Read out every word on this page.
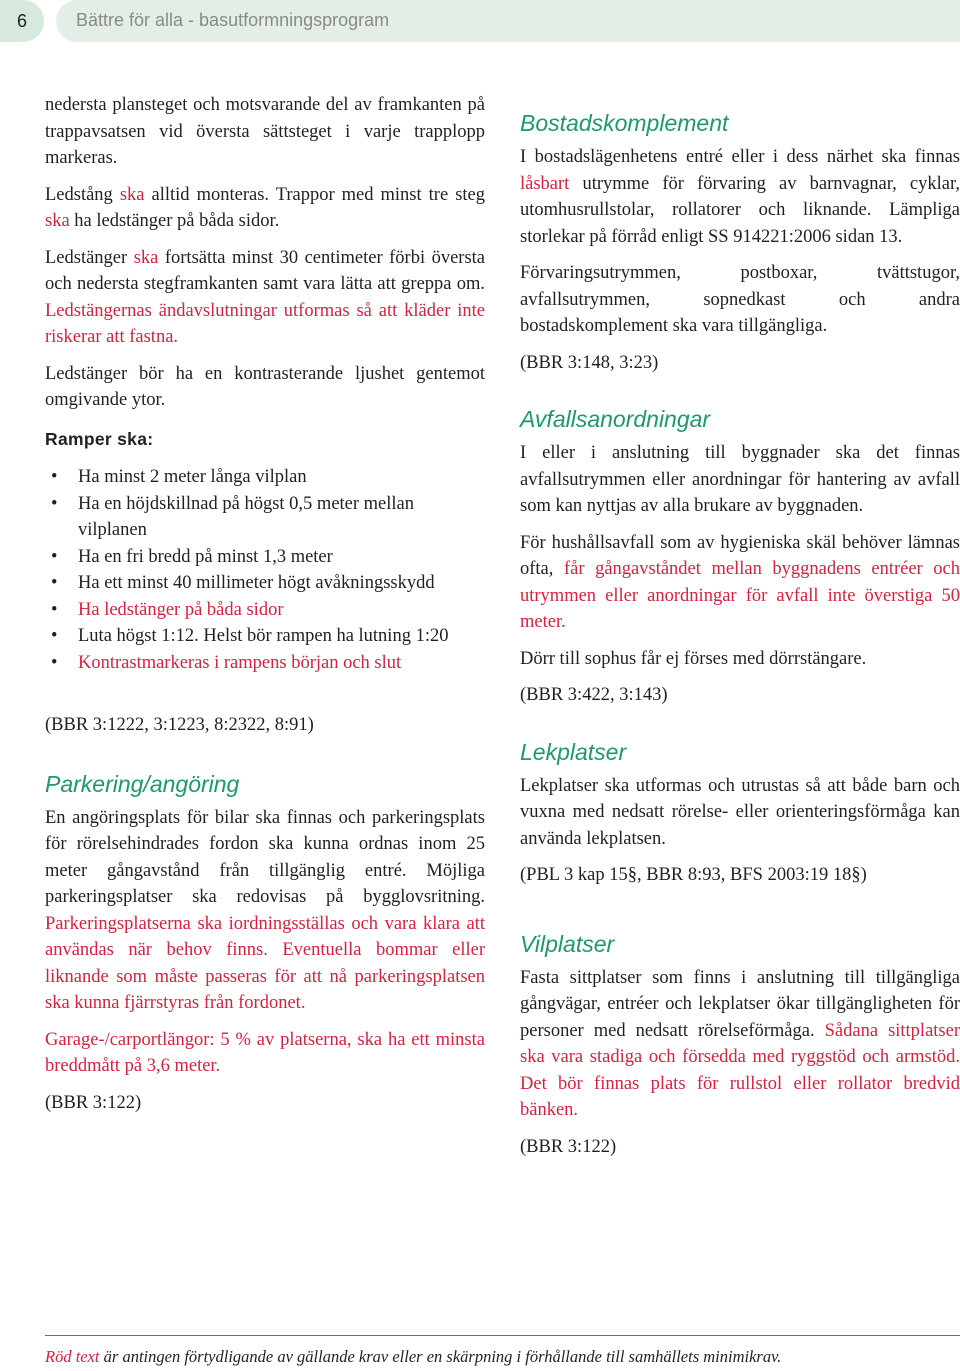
6	Bättre för alla - basutformningsprogram

nedersta plansteget och motsvarande del av framkanten på trappavsatsen vid översta sättsteget i varje trapplopp markeras.

Ledstång ska alltid monteras. Trappor med minst tre steg ska ha ledstänger på båda sidor.

Ledstänger ska fortsätta minst 30 centimeter förbi översta och nedersta stegframkanten samt vara lätta att greppa om. Ledstängernas ändavslutningar utformas så att kläder inte riskerar att fastna.

Ledstänger bör ha en kontrasterande ljushet gentemot omgivande ytor.

Ramper ska:
• Ha minst 2 meter långa vilplan
• Ha en höjdskillnad på högst 0,5 meter mellan vilplanen
• Ha en fri bredd på minst 1,3 meter
• Ha ett minst 40 millimeter högt avåkningsskydd
• Ha ledstänger på båda sidor
• Luta högst 1:12. Helst bör rampen ha lutning 1:20
• Kontrastmarkeras i rampens början och slut

(BBR 3:1222, 3:1223, 8:2322, 8:91)

Parkering/angöring

En angöringsplats för bilar ska finnas och parkeringsplats för rörelsehindrades fordon ska kunna ordnas inom 25 meter gångavstånd från tillgänglig entré. Möjliga parkeringsplatser ska redovisas på bygglovsritning. Parkeringsplatserna ska iordningsställas och vara klara att användas när behov finns. Eventuella bommar eller liknande som måste passeras för att nå parkeringsplatsen ska kunna fjärrstyras från fordonet.

Garage-/carportlängor: 5 % av platserna, ska ha ett minsta breddmått på 3,6 meter.

(BBR 3:122)

Bostadskomplement

I bostadslägenhetens entré eller i dess närhet ska finnas låsbart utrymme för förvaring av barnvagnar, cyklar, utomhusrullstolar, rollatorer och liknande. Lämpliga storlekar på förråd enligt SS 914221:2006 sidan 13.

Förvaringsutrymmen, postboxar, tvättstugor, avfallsutrymmen, sopnedkast och andra bostadskomplement ska vara tillgängliga.

(BBR 3:148, 3:23)

Avfallsanordningar

I eller i anslutning till byggnader ska det finnas avfallsutrymmen eller anordningar för hantering av avfall som kan nyttjas av alla brukare av byggnaden.

För hushållsavfall som av hygieniska skäl behöver lämnas ofta, får gångavståndet mellan byggnadens entréer och utrymmen eller anordningar för avfall inte överstiga 50 meter.

Dörr till sophus får ej förses med dörrstängare.

(BBR 3:422, 3:143)

Lekplatser

Lekplatser ska utformas och utrustas så att både barn och vuxna med nedsatt rörelse- eller orienteringsförmåga kan använda lekplatsen.

(PBL 3 kap 15§, BBR 8:93, BFS 2003:19 18§)

Vilplatser

Fasta sittplatser som finns i anslutning till tillgängliga gångvägar, entréer och lekplatser ökar tillgängligheten för personer med nedsatt rörelseförmåga. Sådana sittplatser ska vara stadiga och försedda med ryggstöd och armstöd. Det bör finnas plats för rullstol eller rollator bredvid bänken.

(BBR 3:122)

Röd text är antingen förtydligande av gällande krav eller en skärpning i förhållande till samhällets minimikrav.
